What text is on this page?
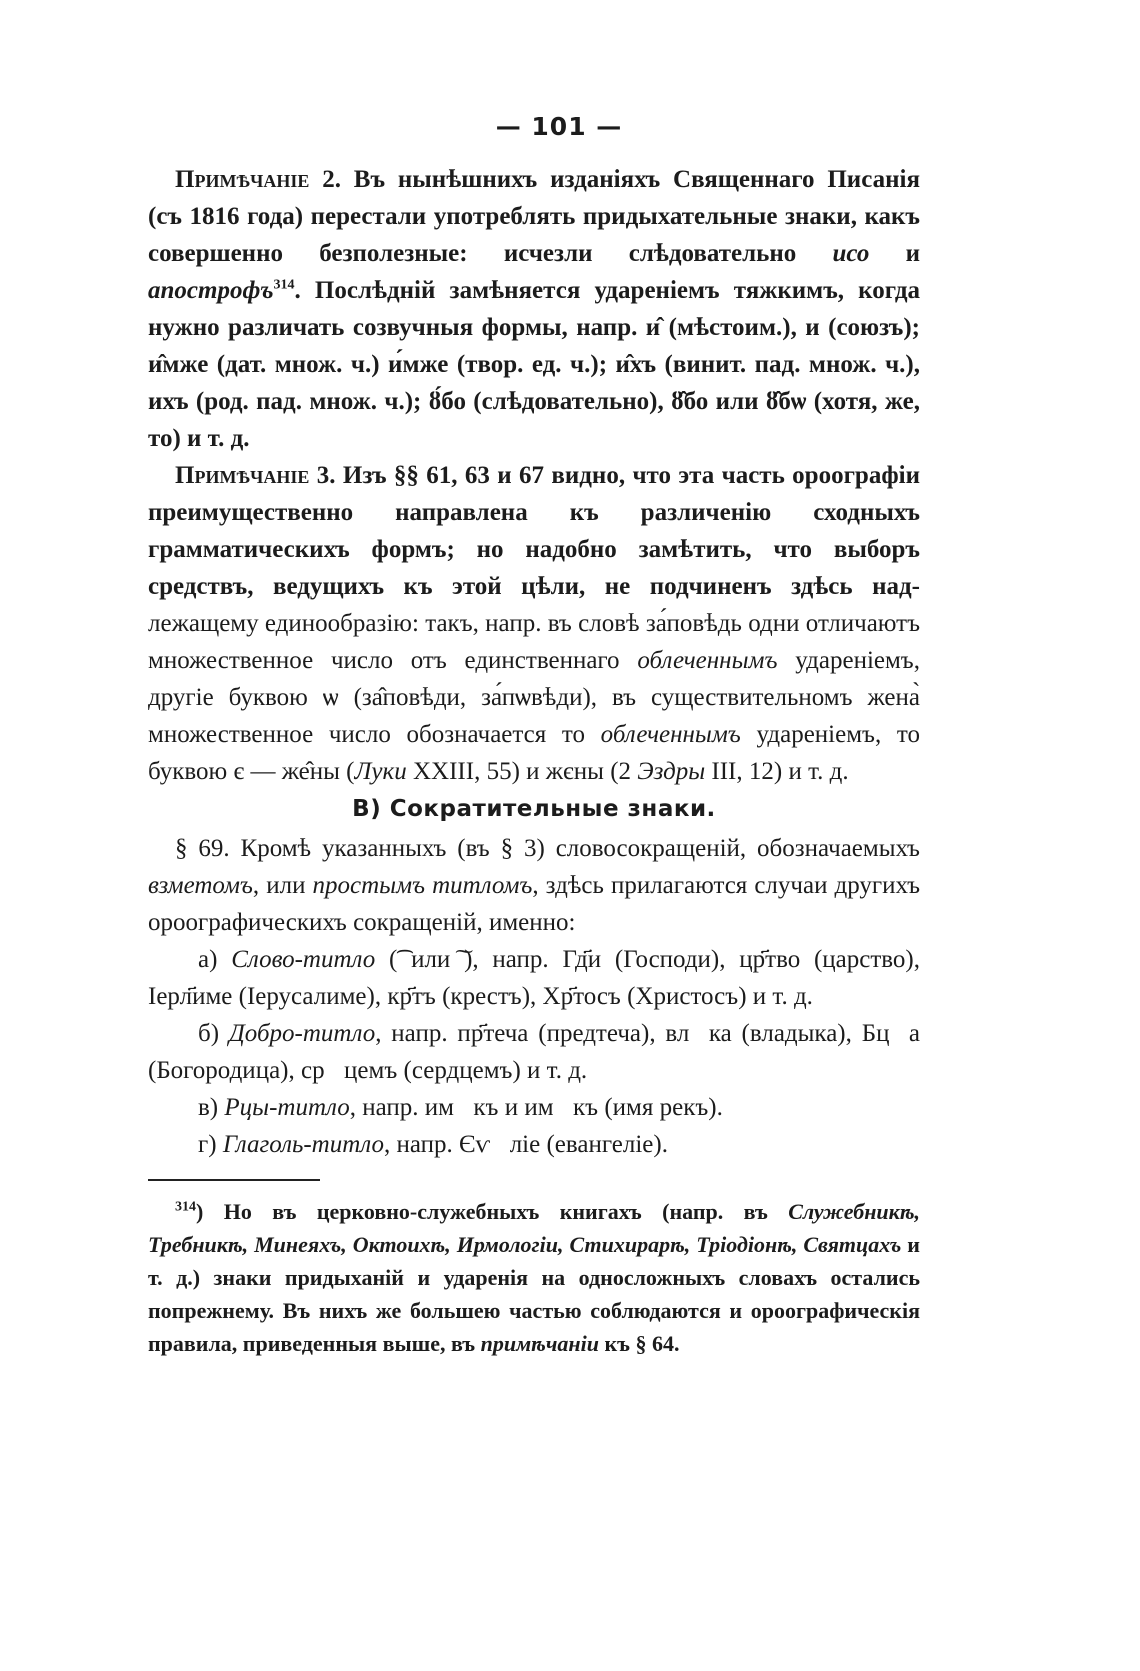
— 101 —

Примѣчаніе 2. Въ нынѣшнихъ изданіяхъ Священнаго Писанія (съ 1816 года) перестали употреблять придыхательные знаки, какъ совершенно безполезные: исчезли слѣдовательно исо и апострофъ$^{314}$. Послѣдній замѣняется удареніемъ тяжкимъ, когда нужно различать созвучныя формы, напр. и̂ (мѣстоим.), и (союзъ); и̂мже (дат. множ. ч.) и́мже (твор. ед. ч.); и̂хъ (винит. пад. множ. ч.), ихъ (род. пад. множ. ч.); ȣ́бо (слѣдовательно), ȣ̂бо или ȣ̂бѡ (хотя, же, то) и т. д.

Примѣчаніе 3. Изъ §§ 61, 63 и 67 видно, что эта часть ороографіи преимущественно направлена къ различенію сходныхъ грамматическихъ формъ; но надобно замѣтить, что выборъ средствъ, ведущихъ къ этой цѣли, не подчиненъ здѣсь над-лежащему единообразію: такъ, напр. въ словѣ за́повѣдь одни отличаютъ множественное число отъ единственнаго облеченнымъ удареніемъ, другіе буквою ѡ (за̂повѣди, за́пѡвѣди), въ существительномъ жена̀ множественное число обозначается то облеченнымъ удареніемъ, то буквою є — же̂ны (Луки XXIII, 55) и жєны (2 Эздры III, 12) и т. д.

В) Сократительные знаки.

§ 69. Кромѣ указанныхъ (въ § 3) словосокращеній, обозначаемыхъ взметомъ, или простымъ титломъ, здѣсь прилагаются случаи другихъ ороографическихъ сокращеній, именно:

а) Слово-титло (͡ или ͠), напр. Гд҃и (Господи), цр҃тво (царство), Іерл҃име (Іерусалиме), кр҃тъ (крестъ), Хр҃тосъ (Христосъ) и т. д.

б) Добро-титло, напр. пр҃теча (предтеча), влⷣка (владыка), Бцⷣа (Богородица), срⷣцемъ (сердцемъ) и т. д.

в) Рцы-титло, напр. имⷬкъ и имⷬкъ (имя рекъ).

г) Глаголь-титло, напр. Єѵⷢліе (евангеліе).

$^{314}$) Но въ церковно-служебныхъ книгахъ (напр. въ Служебникѣ, Требникѣ, Минеяхъ, Октоихѣ, Ирмологіи, Стихирарѣ, Тріодіонѣ, Святцахъ и т. д.) знаки придыханій и ударенія на односложныхъ словахъ остались попрежнему. Въ нихъ же большею частью соблюдаются и ороографическія правила, приведенныя выше, въ примѣчаніи къ § 64.
